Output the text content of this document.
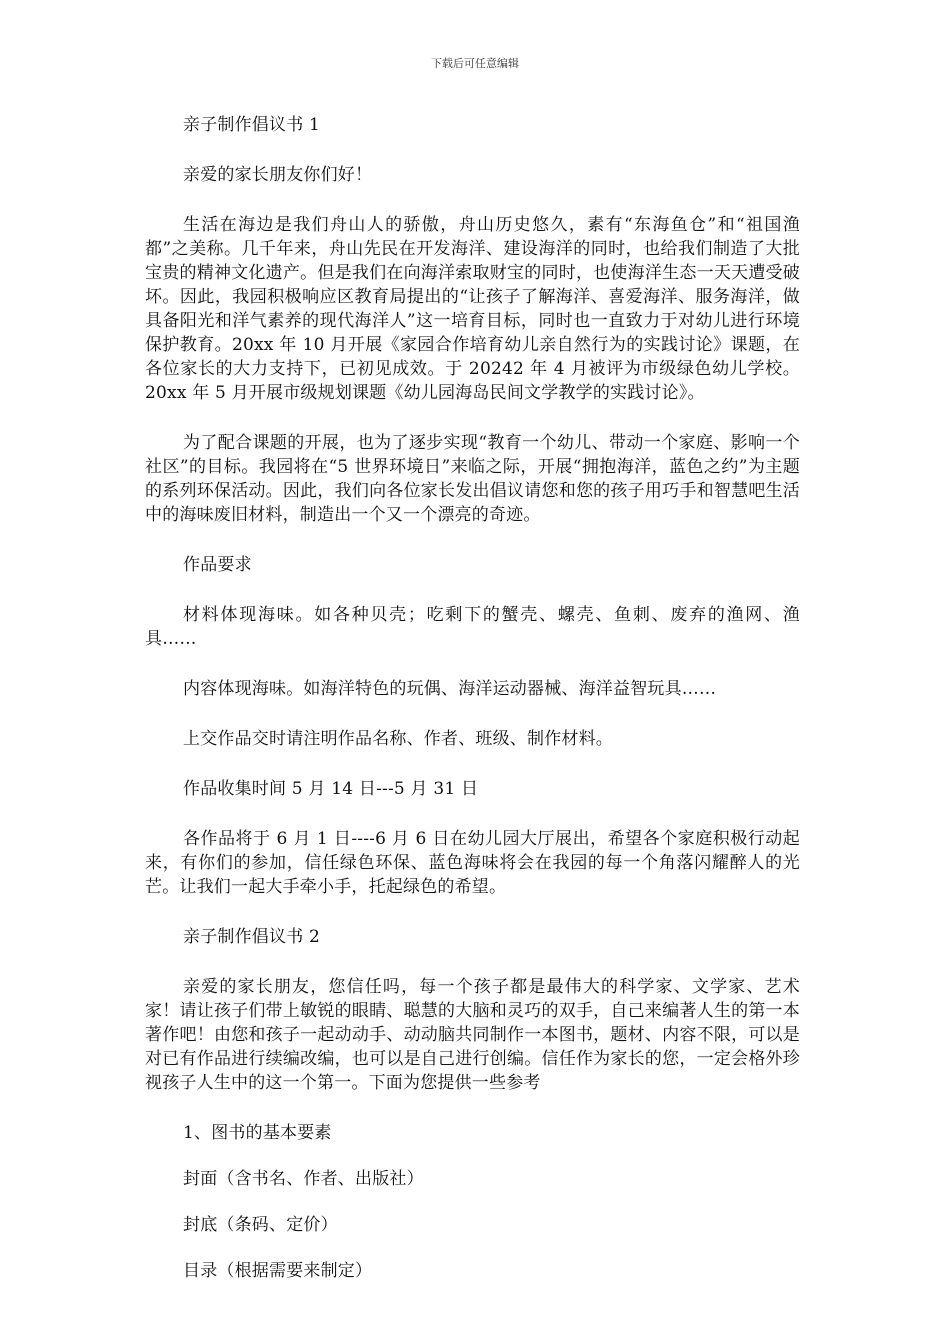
下载后可任意编辑

亲子制作倡议书 1

亲爱的家长朋友你们好！

生活在海边是我们舟山人的骄傲，舟山历史悠久，素有“东海鱼仓”和“祖国渔都”之美称。几千年来，舟山先民在开发海洋、建设海洋的同时，也给我们制造了大批宝贵的精神文化遗产。但是我们在向海洋索取财宝的同时，也使海洋生态一天天遭受破坏。因此，我园积极响应区教育局提出的“让孩子了解海洋、喜爱海洋、服务海洋，做具备阳光和洋气素养的现代海洋人”这一培育目标，同时也一直致力于对幼儿进行环境保护教育。20xx 年 10 月开展《家园合作培育幼儿亲自然行为的实践讨论》课题，在各位家长的大力支持下，已初见成效。于 20242 年 4 月被评为市级绿色幼儿学校。20xx 年 5 月开展市级规划课题《幼儿园海岛民间文学教学的实践讨论》。

为了配合课题的开展，也为了逐步实现“教育一个幼儿、带动一个家庭、影响一个社区”的目标。我园将在“5 世界环境日”来临之际，开展“拥抱海洋，蓝色之约”为主题的系列环保活动。因此，我们向各位家长发出倡议请您和您的孩子用巧手和智慧吧生活中的海味废旧材料，制造出一个又一个漂亮的奇迹。

作品要求

材料体现海味。如各种贝壳；吃剩下的蟹壳、螺壳、鱼刺、废弃的渔网、渔具……

内容体现海味。如海洋特色的玩偶、海洋运动器械、海洋益智玩具……

上交作品交时请注明作品名称、作者、班级、制作材料。

作品收集时间 5 月 14 日---5 月 31 日

各作品将于 6 月 1 日----6 月 6 日在幼儿园大厅展出，希望各个家庭积极行动起来，有你们的参加，信任绿色环保、蓝色海味将会在我园的每一个角落闪耀醉人的光芒。让我们一起大手牵小手，托起绿色的希望。

亲子制作倡议书 2

亲爱的家长朋友，您信任吗，每一个孩子都是最伟大的科学家、文学家、艺术家！请让孩子们带上敏锐的眼睛、聪慧的大脑和灵巧的双手，自己来编著人生的第一本著作吧！由您和孩子一起动动手、动动脑共同制作一本图书，题材、内容不限，可以是对已有作品进行续编改编，也可以是自己进行创编。信任作为家长的您，一定会格外珍视孩子人生中的这一个第一。下面为您提供一些参考

1、图书的基本要素

封面（含书名、作者、出版社）

封底（条码、定价）

目录（根据需要来制定）
